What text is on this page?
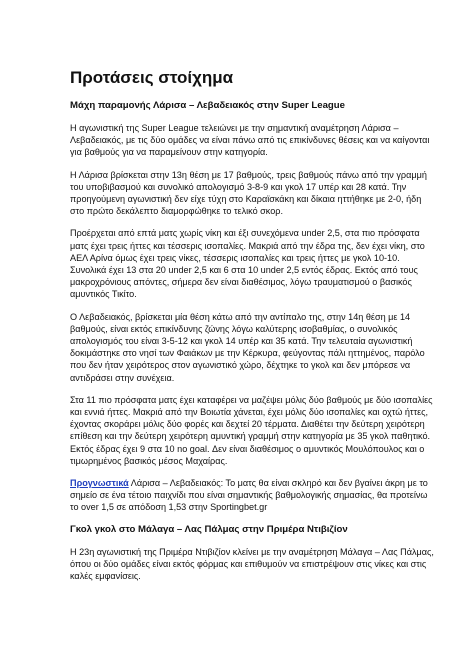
Προτάσεις στοίχημα
Μάχη παραμονής Λάρισα – Λεβαδειακός στην Super League

Η αγωνιστική της Super League τελειώνει με την σημαντική αναμέτρηση Λάρισα – Λεβαδειακός, με τις δύο ομάδες να είναι πάνω από τις επικίνδυνες θέσεις και να καίγονται για βαθμούς για να παραμείνουν στην κατηγορία.

Η Λάρισα βρίσκεται στην 13η θέση με 17 βαθμούς, τρεις βαθμούς πάνω από την γραμμή του υποβιβασμού και συνολικό απολογισμό 3-8-9 και γκολ 17 υπέρ και 28 κατά. Την προηγούμενη αγωνιστική δεν είχε τύχη στο Καραϊσκάκη και δίκαια ηττήθηκε με 2-0, ήδη στο πρώτο δεκάλεπτο διαμορφώθηκε το τελικό σκορ.

Προέρχεται από επτά ματς χωρίς νίκη και έξι συνεχόμενα under 2,5, στα πιο πρόσφατα ματς έχει τρεις ήττες και τέσσερις ισοπαλίες. Μακριά από την έδρα της, δεν έχει νίκη, στο ΑΕΛ Αρίνα όμως έχει τρεις νίκες, τέσσερις ισοπαλίες και τρεις ήττες με γκολ 10-10. Συνολικά έχει 13 στα 20 under 2,5 και 6 στα 10 under 2,5 εντός έδρας. Εκτός από τους μακροχρόνιους απόντες, σήμερα δεν είναι διαθέσιμος, λόγω τραυματισμού ο βασικός αμυντικός Τικίτο.

Ο Λεβαδειακός, βρίσκεται μία θέση κάτω από την αντίπαλο της, στην 14η θέση με 14 βαθμούς, είναι εκτός επικίνδυνης ζώνης λόγω καλύτερης ισοβαθμίας, ο συνολικός απολογισμός του είναι 3-5-12 και γκολ 14 υπέρ και 35 κατά. Την τελευταία αγωνιστική δοκιμάστηκε στο νησί των Φαιάκων με την Κέρκυρα, φεύγοντας πάλι ηττημένος, παρόλο που δεν ήταν χειρότερος στον αγωνιστικό χώρο, δέχτηκε το γκολ και δεν μπόρεσε να αντιδράσει στην συνέχεια.

Στα 11 πιο πρόσφατα ματς έχει καταφέρει να μαζέψει μόλις δύο βαθμούς με δύο ισοπαλίες και εννιά ήττες. Μακριά από την Βοιωτία χάνεται, έχει μόλις δύο ισοπαλίες και οχτώ ήττες, έχοντας σκοράρει μόλις δύο φορές και δεχτεί 20 τέρματα. Διαθέτει την δεύτερη χειρότερη επίθεση και την δεύτερη χειρότερη αμυντική γραμμή στην κατηγορία με 35 γκολ παθητικό. Εκτός έδρας έχει 9 στα 10 no goal. Δεν είναι διαθέσιμος ο αμυντικός Μουλόπουλος και ο τιμωρημένος βασικός μέσος Μαχαίρας.

Προγνωστικά Λάρισα – Λεβαδειακός: Το ματς θα είναι σκληρό και δεν βγαίνει άκρη με το σημείο σε ένα τέτοιο παιχνίδι που είναι σημαντικής βαθμολογικής σημασίας, θα προτείνω το over 1,5 σε απόδοση 1,53 στην Sportingbet.gr

Γκολ γκολ στο Μάλαγα – Λας Πάλμας στην Πριμέρα Ντιβιζίον

Η 23η αγωνιστική της Πριμέρα Ντιβιζίον κλείνει με την αναμέτρηση Μάλαγα – Λας Πάλμας, όπου οι δύο ομάδες είναι εκτός φόρμας και επιθυμούν να επιστρέψουν στις νίκες και στις καλές εμφανίσεις.
